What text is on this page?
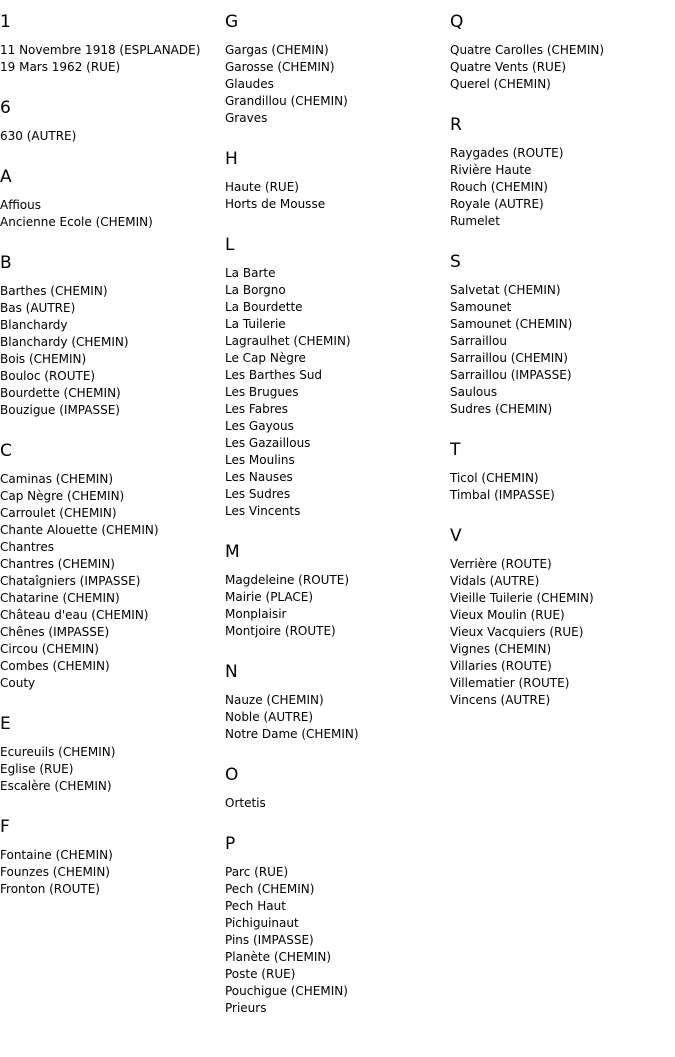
1
11 Novembre 1918 (ESPLANADE)
19 Mars 1962 (RUE)
6
630 (AUTRE)
A
Affious
Ancienne Ecole (CHEMIN)
B
Barthes (CHEMIN)
Bas (AUTRE)
Blanchardy
Blanchardy (CHEMIN)
Bois (CHEMIN)
Bouloc (ROUTE)
Bourdette (CHEMIN)
Bouzigue (IMPASSE)
C
Caminas (CHEMIN)
Cap Nègre (CHEMIN)
Carroulet (CHEMIN)
Chante Alouette (CHEMIN)
Chantres
Chantres (CHEMIN)
Chataîgniers (IMPASSE)
Chatarine (CHEMIN)
Château d'eau (CHEMIN)
Chênes (IMPASSE)
Circou (CHEMIN)
Combes (CHEMIN)
Couty
E
Ecureuils (CHEMIN)
Eglise (RUE)
Escalère (CHEMIN)
F
Fontaine (CHEMIN)
Founzes (CHEMIN)
Fronton (ROUTE)
G
Gargas (CHEMIN)
Garosse (CHEMIN)
Glaudes
Grandillou (CHEMIN)
Graves
H
Haute (RUE)
Horts de Mousse
L
La Barte
La Borgno
La Bourdette
La Tuilerie
Lagraulhet (CHEMIN)
Le Cap Nègre
Les Barthes Sud
Les Brugues
Les Fabres
Les Gayous
Les Gazaillous
Les Moulins
Les Nauses
Les Sudres
Les Vincents
M
Magdeleine (ROUTE)
Mairie (PLACE)
Monplaisir
Montjoire (ROUTE)
N
Nauze (CHEMIN)
Noble (AUTRE)
Notre Dame (CHEMIN)
O
Ortetis
P
Parc (RUE)
Pech (CHEMIN)
Pech Haut
Pichiguinaut
Pins (IMPASSE)
Planète (CHEMIN)
Poste (RUE)
Pouchigue (CHEMIN)
Prieurs
Q
Quatre Carolles (CHEMIN)
Quatre Vents (RUE)
Querel (CHEMIN)
R
Raygades (ROUTE)
Rivière Haute
Rouch (CHEMIN)
Royale (AUTRE)
Rumelet
S
Salvetat (CHEMIN)
Samounet
Samounet (CHEMIN)
Sarraillou
Sarraillou (CHEMIN)
Sarraillou (IMPASSE)
Saulous
Sudres (CHEMIN)
T
Ticol (CHEMIN)
Timbal (IMPASSE)
V
Verrière (ROUTE)
Vidals (AUTRE)
Vieille Tuilerie (CHEMIN)
Vieux Moulin (RUE)
Vieux Vacquiers (RUE)
Vignes (CHEMIN)
Villaries (ROUTE)
Villematier (ROUTE)
Vincens (AUTRE)
